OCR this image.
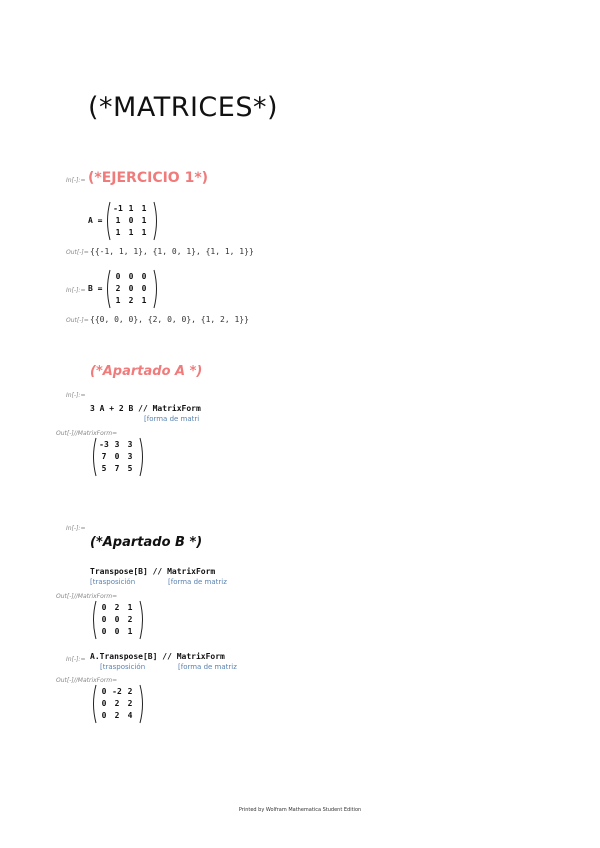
(*MATRICES*)
In[-]:= (*EJERCICIO 1*)
A =
-1 1	1
1	0	1
1	1	1
Out[-]= {{-1, 1, 1}, {1, 0, 1}, {1, 1, 1}}
In[-]:= B =
0	0	0
2	0	0
1	2	1
Out[-]= {{0, 0, 0}, {2, 0, 0}, {1, 2, 1}}
(*Apartado A *)
In[-]:=
3 A + 2 B // MatrixForm
[forma de matri
Out[-]//MatrixForm=
-3 3	3
7	0	3
5	7	5
In[-]:=
(*Apartado B *)
Transpose[B] // MatrixForm
[trasposición	[forma de matriz
Out[-]//MatrixForm=
0	2	1
0	0	2
0	0	1
In[-]:= A.Transpose[B] // MatrixForm
[trasposición	[forma de matriz
Out[-]//MatrixForm=
0 -2 2
0	2	2
0	2	4
Printed by Wolfram Mathematica Student Edition
